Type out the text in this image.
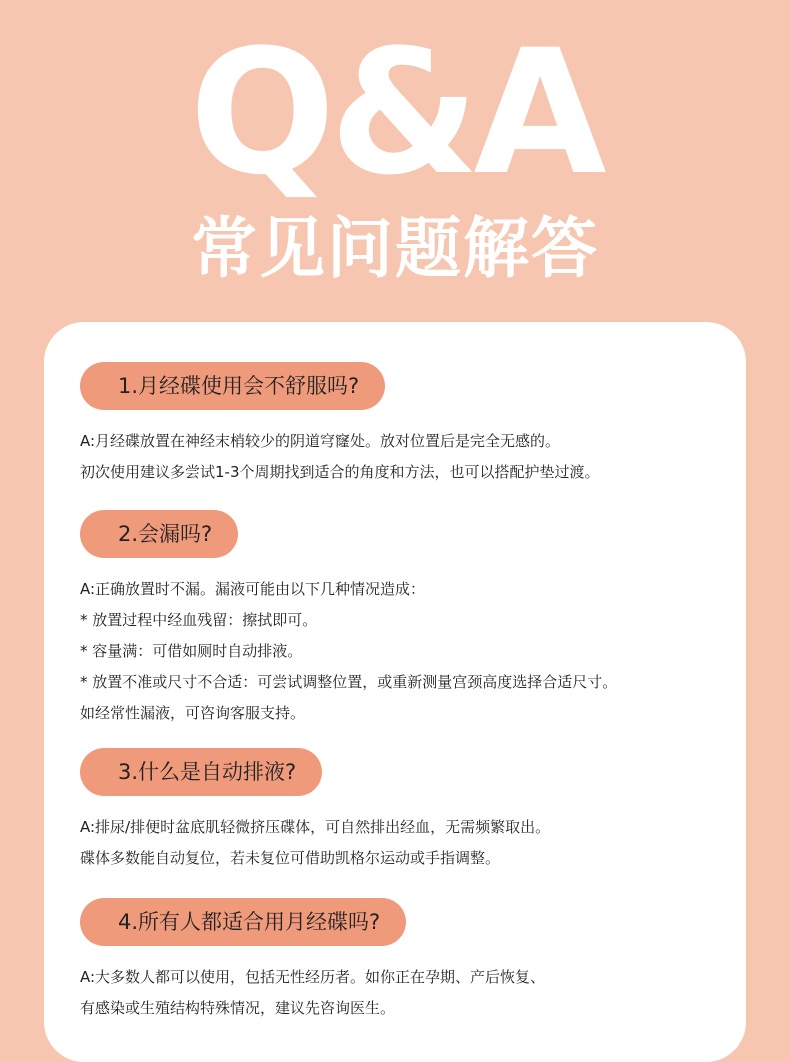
Q&A
常见问题解答
1.月经碟使用会不舒服吗?
A:月经碟放置在神经末梢较少的阴道穹窿处。放对位置后是完全无感的。
初次使用建议多尝试1-3个周期找到适合的角度和方法，也可以搭配护垫过渡。
2.会漏吗?
A:正确放置时不漏。漏液可能由以下几种情况造成：
* 放置过程中经血残留：擦拭即可。
* 容量满：可借如厕时自动排液。
* 放置不准或尺寸不合适：可尝试调整位置，或重新测量宫颈高度选择合适尺寸。
如经常性漏液，可咨询客服支持。
3.什么是自动排液?
A:排尿/排便时盆底肌轻微挤压碟体，可自然排出经血，无需频繁取出。
碟体多数能自动复位，若未复位可借助凯格尔运动或手指调整。
4.所有人都适合用月经碟吗?
A:大多数人都可以使用，包括无性经历者。如你正在孕期、产后恢复、
有感染或生殖结构特殊情况，建议先咨询医生。
